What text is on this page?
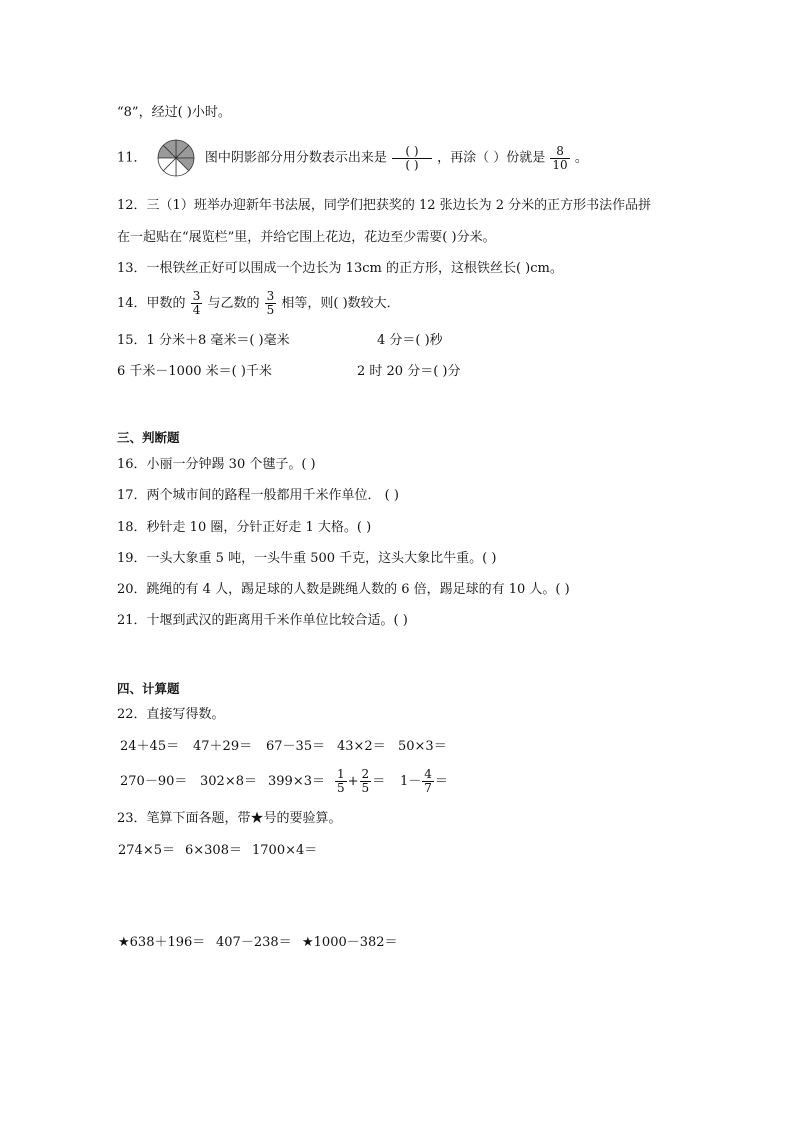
“8”，经过( )小时。
11．	图中阴影部分用分数表示出来是 $\frac{( )}{( )}$ ，再涂（ ）份就是 $\frac{8}{10}$ 。
12．三（1）班举办迎新年书法展，同学们把获奖的 12 张边长为 2 分米的正方形书法作品拼
在一起贴在“展览栏”里，并给它围上花边，花边至少需要( )分米。
13．一根铁丝正好可以围成一个边长为 13cm 的正方形，这根铁丝长( )cm。
14．甲数的 $\frac{3}{4}$ 与乙数的 $\frac{3}{5}$ 相等，则( )数较大．
15．1 分米＋8 毫米＝( )毫米	4 分＝( )秒
6 千米－1000 米＝( )千米	2 时 20 分＝( )分
三、判断题
16．小丽一分钟踢 30 个毽子。( )
17．两个城市间的路程一般都用千米作单位． ( )
18．秒针走 10 圈，分针正好走 1 大格。( )
19．一头大象重 5 吨，一头牛重 500 千克，这头大象比牛重。( )
20．跳绳的有 4 人，踢足球的人数是跳绳人数的 6 倍，踢足球的有 10 人。( )
21．十堰到武汉的距离用千米作单位比较合适。( )
四、计算题
22．直接写得数。
24＋45＝ 47＋29＝ 67－35＝ 43×2＝ 50×3＝
$270-90= 302\times 8= 399\times 3= \frac{1}{5} + \frac{2}{5} = 1- \frac{4}{7}$ ＝
23．笔算下面各题，带★号的要验算。
274×5＝ 6×308＝ 1700×4＝
★638＋196＝ 407－238＝ ★1000－382＝
